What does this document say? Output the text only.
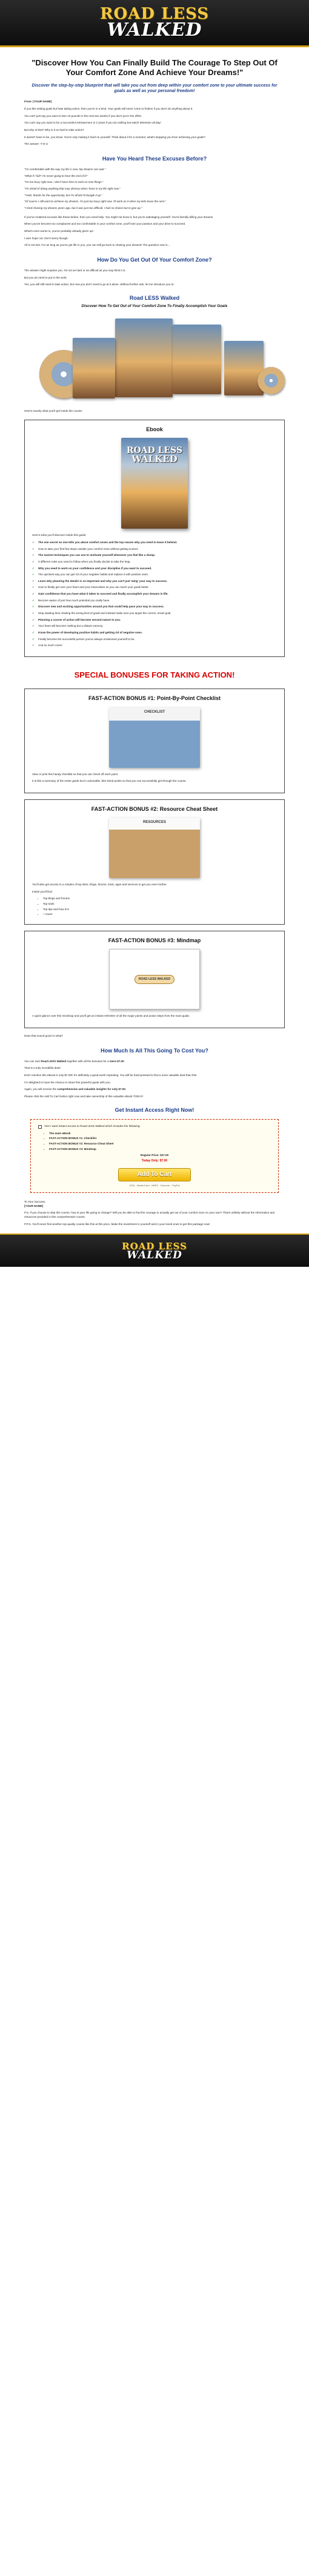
ROAD LESS
WALKED
"Discover How You Can Finally Build The Courage To Step Out Of Your Comfort Zone And Achieve Your Dreams!"
Discover the step-by-step blueprint that will take you out from deep within your comfort zone to your ultimate success for goals as well as your personal freedom!

From: [YOUR NAME]

If you like setting goals but hate taking action, then you're in a bind. Your goals will never come to fruition if you don't do anything about it.

You can't just say you want to lose 10 pounds in the next two weeks if you don't put in the effort.

You can't say you want to be a successful entrepreneur in 2 years if you do nothing but watch television all day!

But why is that? Why is it so hard to take action?

It doesn't have to be, you know. You're only making it hard on yourself. Think about it for a moment, what's stopping you from achieving your goals?

The answer: Y-O-U

Have You Heard These Excuses Before?

"I'm comfortable with the way my life is now. My dreams can wait."

"What if I fail? I'm never going to hear the end of it!"

"I'm too busy right now. I don't have time to work on new things."

"I'm afraid of doing anything that may destroy what I have in my life right now."

"Yeah, thanks for the opportunity, but I'm afraid I'd bungle it up."

"Of course I still want to achieve my dreams. I'm just too busy right now. I'll work on it when my kids leave the nest."

"I tried chasing my dreams years ago, but it was just too difficult. I had no choice but to give up."

If you've muttered excuses like these before, then you need help. You might not know it, but you're sabotaging yourself. You're literally killing your dreams.

When you've become too complacent and too comfortable in your comfort zone, you'll lose your passion and your drive to succeed.

What's even worse is, you've probably already given up!

I sure hope not. Don't worry though.

All is not lost. For as long as you've got life in you, you can still go back to chasing your dreams! The question now is...

How Do You Get Out Of Your Comfort Zone?

The answer might surprise you. It's not as hard or as difficult as you may think it is.

But you do need to put in the work.

Yes, you will still need to take action, but now you don't need to go at it alone. Without further ado, let me introduce you to:

Road LESS Walked
Discover How To Get Out of Your Comfort Zone To Finally Accomplish Your Goals

Here's exactly what you'll get inside the course:

Ebook
ROAD LESS
WALKED

Here's what you'll discover inside this guide:

✓ The one secret no one tells you about comfort zones and the top reason why you need to leave it behind.
✓ How to take your first few steps outside your comfort zone without getting scared.
✓ The easiest techniques you can use to motivate yourself whenever you feel like a slump.
✓ 3 different rules you need to follow when you finally decide to take the leap.
✓ Why you need to work on your confidence and your discipline if you want to succeed.
✓ The quickest way you can get rid of your negative habits and replace it with positive ones.
✓ Learn why planning the details is so important and why you can't just 'wing' your way to success.
✓ How to finally get over your fears and your insecurities so you can reach your goals faster.
✓ Gain confidence that you have what it takes to succeed and finally accomplish your dreams in life.
✓ Become aware of just how much potential you really have.
✓ Discover new and exciting opportunities around you that could help pave your way to success.
✓ Stop wasting time chasing the wrong kind of goals and instead make sure you target the correct, smart goal.
✓ Planning a course of action will become second nature to you.
✓ Your fears will become nothing but a distant memory.
✓ Know the power of developing positive habits and getting rid of negative ones.
✓ Finally become the successful person you've always envisioned yourself to be.
✓ And so much more!
SPECIAL BONUSES FOR TAKING ACTION!
FAST-ACTION BONUS #1: Point-By-Point Checklist
CHECKLIST

View or print this handy checklist so that you can check off each point.

It is like a summary of the entire guide but in actionable, bite-sized points so that you can successfully get through the course.

FAST-ACTION BONUS #2: Resource Cheat Sheet
RESOURCES

You'll also get access to a rolodex of top sites, blogs, forums, tools, apps and services to get you even further.

Inside you'll find:

• Top blogs and forums
• Top tools
• Top tips and how to's
• + more!
FAST-ACTION BONUS #3: Mindmap
ROAD LESS WALKED

A quick glance over this mindmap and you'll get an instant refresher of all the major points and action steps from the main guide.

Does that sound good or what?

How Much Is All This Going To Cost You?

You can own Road LESS Walked together with all the bonuses for a mere $7.00.

That is a truly incredible deal!

Don't mention this eBook is only $7.00!! It's definitely a good worth repeating. You will be hard-pressed to find a more valuable deal than this.

I'm delighted to have the chance to share this powerful guide with you.

Again, you will receive the comprehensive and valuable insights for only $7.00.

Please click the Add To Cart button right now and take ownership of this valuable eBook TODAY!

Get Instant Access Right Now!
Yes! I want instant access to Road LESS Walked which includes the following:
• The main eBook
• FAST-ACTION BONUS #1: Checklist
• FAST-ACTION BONUS #2: Resource Cheat Sheet
• FAST-ACTION BONUS #3: Mindmap
Regular Price: $27.00
Today Only: $7.00
Add To Cart
VISA · MasterCard · AMEX · Discover · PayPal

To Your Success,

[YOUR NAME]

P.S. If you choose to skip this course, how is your life going to change? Will you be able to find the courage to actually get out of your comfort zone on your own? That's unlikely without the information and resources provided in this comprehensive course.

P.P.S. You'll never find another top-quality course like this at this price. Make the investment in yourself and in your loved ones to get this package now!

ROAD LESS
WALKED
